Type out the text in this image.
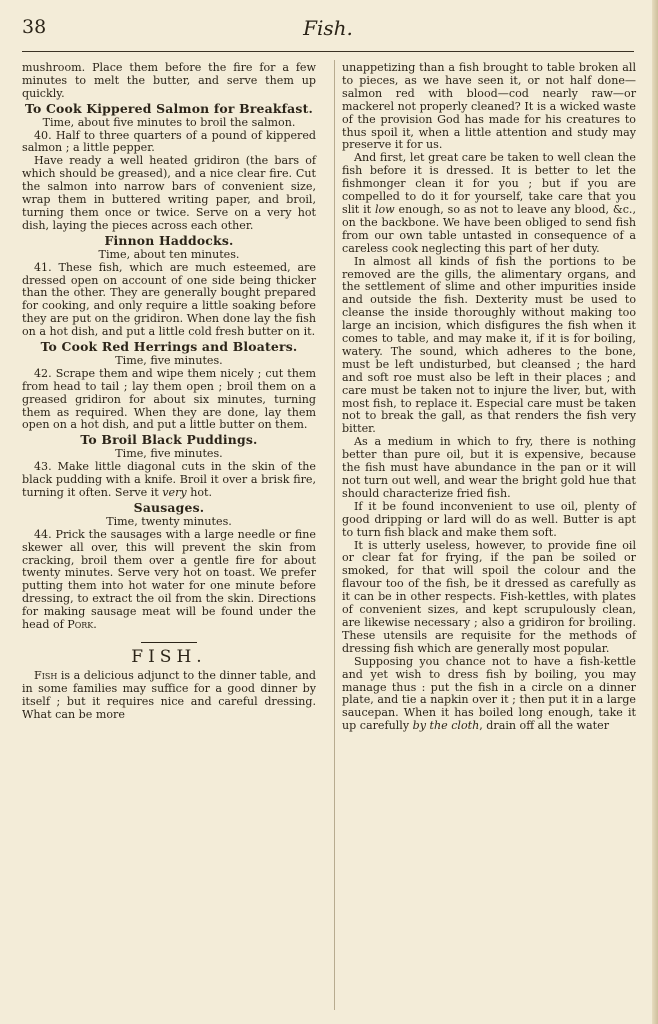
38	Fish.

mushroom. Place them before the fire for a few minutes to melt the butter, and serve them up quickly.

To Cook Kippered Salmon for Breakfast.

Time, about five minutes to broil the salmon.

40. Half to three quarters of a pound of kippered salmon ; a little pepper.

Have ready a well heated gridiron (the bars of which should be greased), and a nice clear fire. Cut the salmon into narrow bars of convenient size, wrap them in buttered writing paper, and broil, turning them once or twice. Serve on a very hot dish, laying the pieces across each other.

Finnon Haddocks.

Time, about ten minutes.

41. These fish, which are much esteemed, are dressed open on account of one side being thicker than the other. They are generally bought prepared for cooking, and only require a little soaking before they are put on the gridiron. When done lay the fish on a hot dish, and put a little cold fresh butter on it.

To Cook Red Herrings and Bloaters.

Time, five minutes.

42. Scrape them and wipe them nicely ; cut them from head to tail ; lay them open ; broil them on a greased gridiron for about six minutes, turning them as required. When they are done, lay them open on a hot dish, and put a little butter on them.

To Broil Black Puddings.

Time, five minutes.

43. Make little diagonal cuts in the skin of the black pudding with a knife. Broil it over a brisk fire, turning it often. Serve it very hot.

Sausages.

Time, twenty minutes.

44. Prick the sausages with a large needle or fine skewer all over, this will prevent the skin from cracking, broil them over a gentle fire for about twenty minutes. Serve very hot on toast. We prefer putting them into hot water for one minute before dressing, to extract the oil from the skin. Directions for making sausage meat will be found under the head of Pork.

FISH.

Fish is a delicious adjunct to the dinner table, and in some families may suffice for a good dinner by itself ; but it requires nice and careful dressing. What can be more

unappetizing than a fish brought to table broken all to pieces, as we have seen it, or not half done—salmon red with blood—cod nearly raw—or mackerel not properly cleaned? It is a wicked waste of the provision God has made for his creatures to thus spoil it, when a little attention and study may preserve it for us.

And first, let great care be taken to well clean the fish before it is dressed. It is better to let the fishmonger clean it for you ; but if you are compelled to do it for yourself, take care that you slit it low enough, so as not to leave any blood, &c., on the backbone. We have been obliged to send fish from our own table untasted in consequence of a careless cook neglecting this part of her duty.

In almost all kinds of fish the portions to be removed are the gills, the alimentary organs, and the settlement of slime and other impurities inside and outside the fish. Dexterity must be used to cleanse the inside thoroughly without making too large an incision, which disfigures the fish when it comes to table, and may make it, if it is for boiling, watery. The sound, which adheres to the bone, must be left undisturbed, but cleansed ; the hard and soft roe must also be left in their places ; and care must be taken not to injure the liver, but, with most fish, to replace it. Especial care must be taken not to break the gall, as that renders the fish very bitter.

As a medium in which to fry, there is nothing better than pure oil, but it is expensive, because the fish must have abundance in the pan or it will not turn out well, and wear the bright gold hue that should characterize fried fish.

If it be found inconvenient to use oil, plenty of good dripping or lard will do as well. Butter is apt to turn fish black and make them soft.

It is utterly useless, however, to provide fine oil or clear fat for frying, if the pan be soiled or smoked, for that will spoil the colour and the flavour too of the fish, be it dressed as carefully as it can be in other respects. Fish-kettles, with plates of convenient sizes, and kept scrupulously clean, are likewise necessary ; also a gridiron for broiling. These utensils are requisite for the methods of dressing fish which are generally most popular.

Supposing you chance not to have a fish-kettle and yet wish to dress fish by boiling, you may manage thus : put the fish in a circle on a dinner plate, and tie a napkin over it ; then put it in a large saucepan. When it has boiled long enough, take it up carefully by the cloth, drain off all the water
